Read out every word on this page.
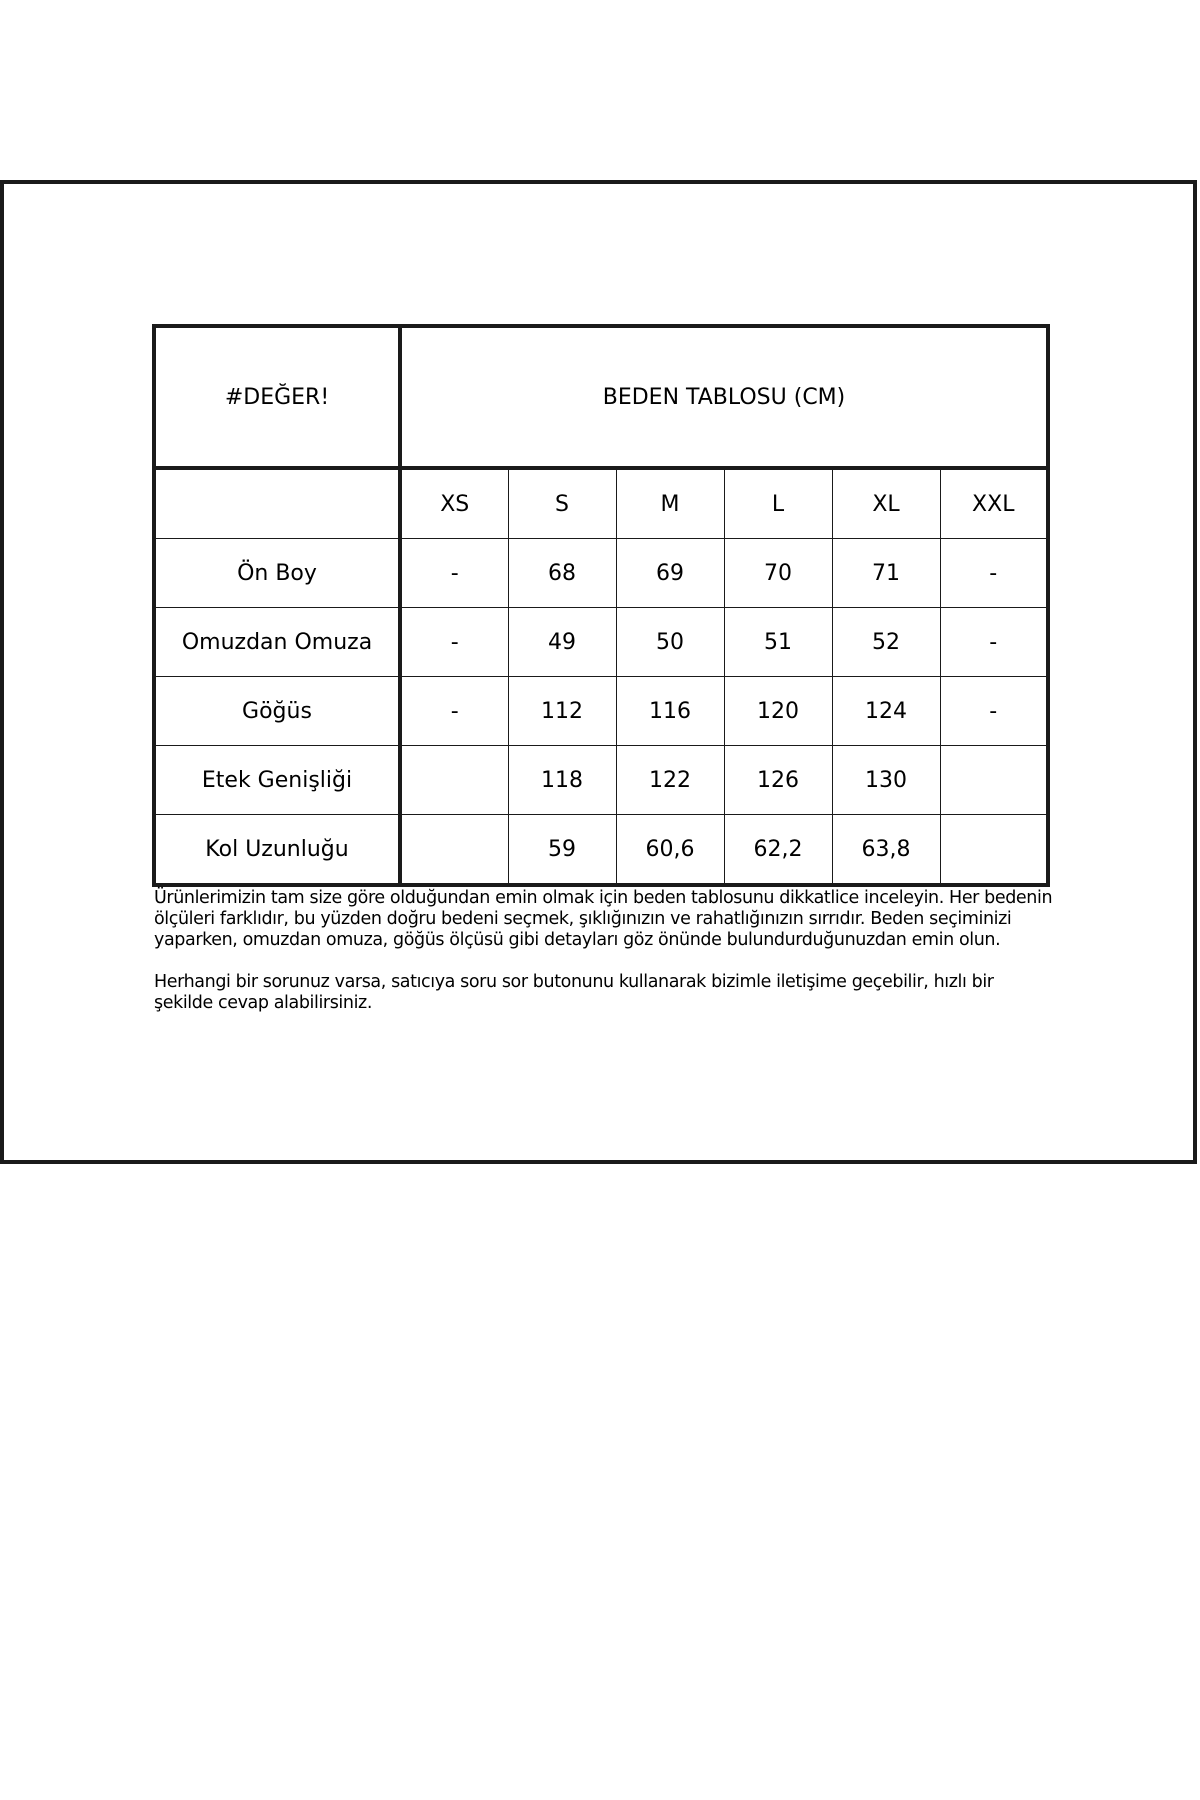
#DEĞER!	BEDEN TABLOSU (CM)					
	XS	S	M	L	XL	XXL
Ön Boy	-	68	69	70	71	-
Omuzdan Omuza	-	49	50	51	52	-
Göğüs	-	112	116	120	124	-
Etek Genişliği		118	122	126	130	
Kol Uzunluğu		59	60,6	62,2	63,8	

Ürünlerimizin tam size göre olduğundan emin olmak için beden tablosunu dikkatlice inceleyin. Her bedenin ölçüleri farklıdır, bu yüzden doğru bedeni seçmek, şıklığınızın ve rahatlığınızın sırrıdır. Beden seçiminizi yaparken, omuzdan omuza, göğüs ölçüsü gibi detayları göz önünde bulundurduğunuzdan emin olun.

Herhangi bir sorunuz varsa, satıcıya soru sor butonunu kullanarak bizimle iletişime geçebilir, hızlı bir şekilde cevap alabilirsiniz.
